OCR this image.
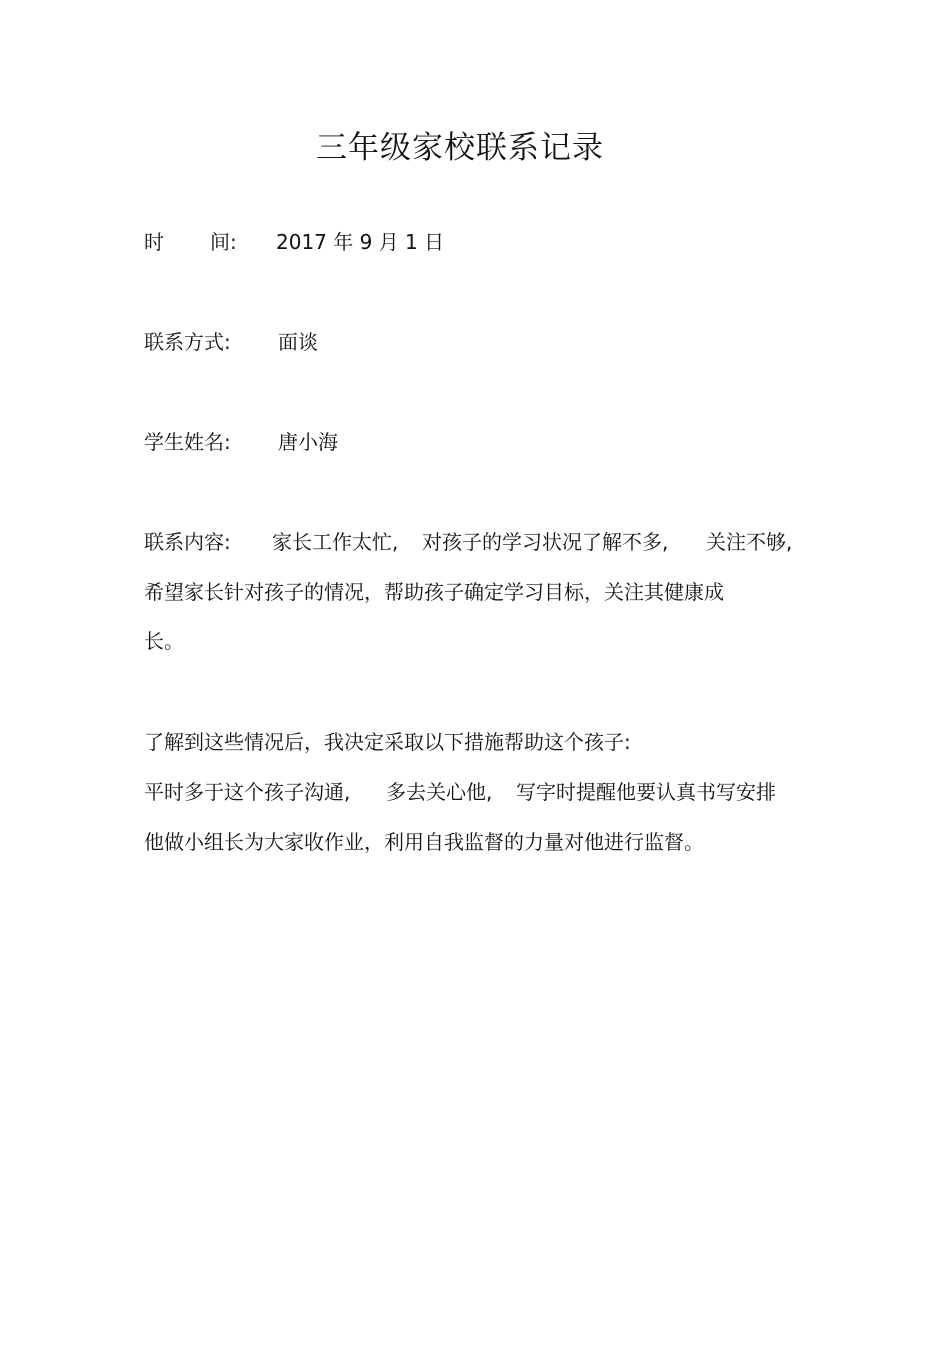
三年级家校联系记录
时 间: 2017 年 9 月 1 日
联系方式: 面谈
学生姓名: 唐小海
联系内容: 家长工作太忙, 对孩子的学习状况了解不多, 关注不够,
希望家长针对孩子的情况，帮助孩子确定学习目标，关注其健康成
长。
了解到这些情况后，我决定采取以下措施帮助这个孩子:
平时多于这个孩子沟通, 多去关心他, 写字时提醒他要认真书写安排
他做小组长为大家收作业，利用自我监督的力量对他进行监督。
